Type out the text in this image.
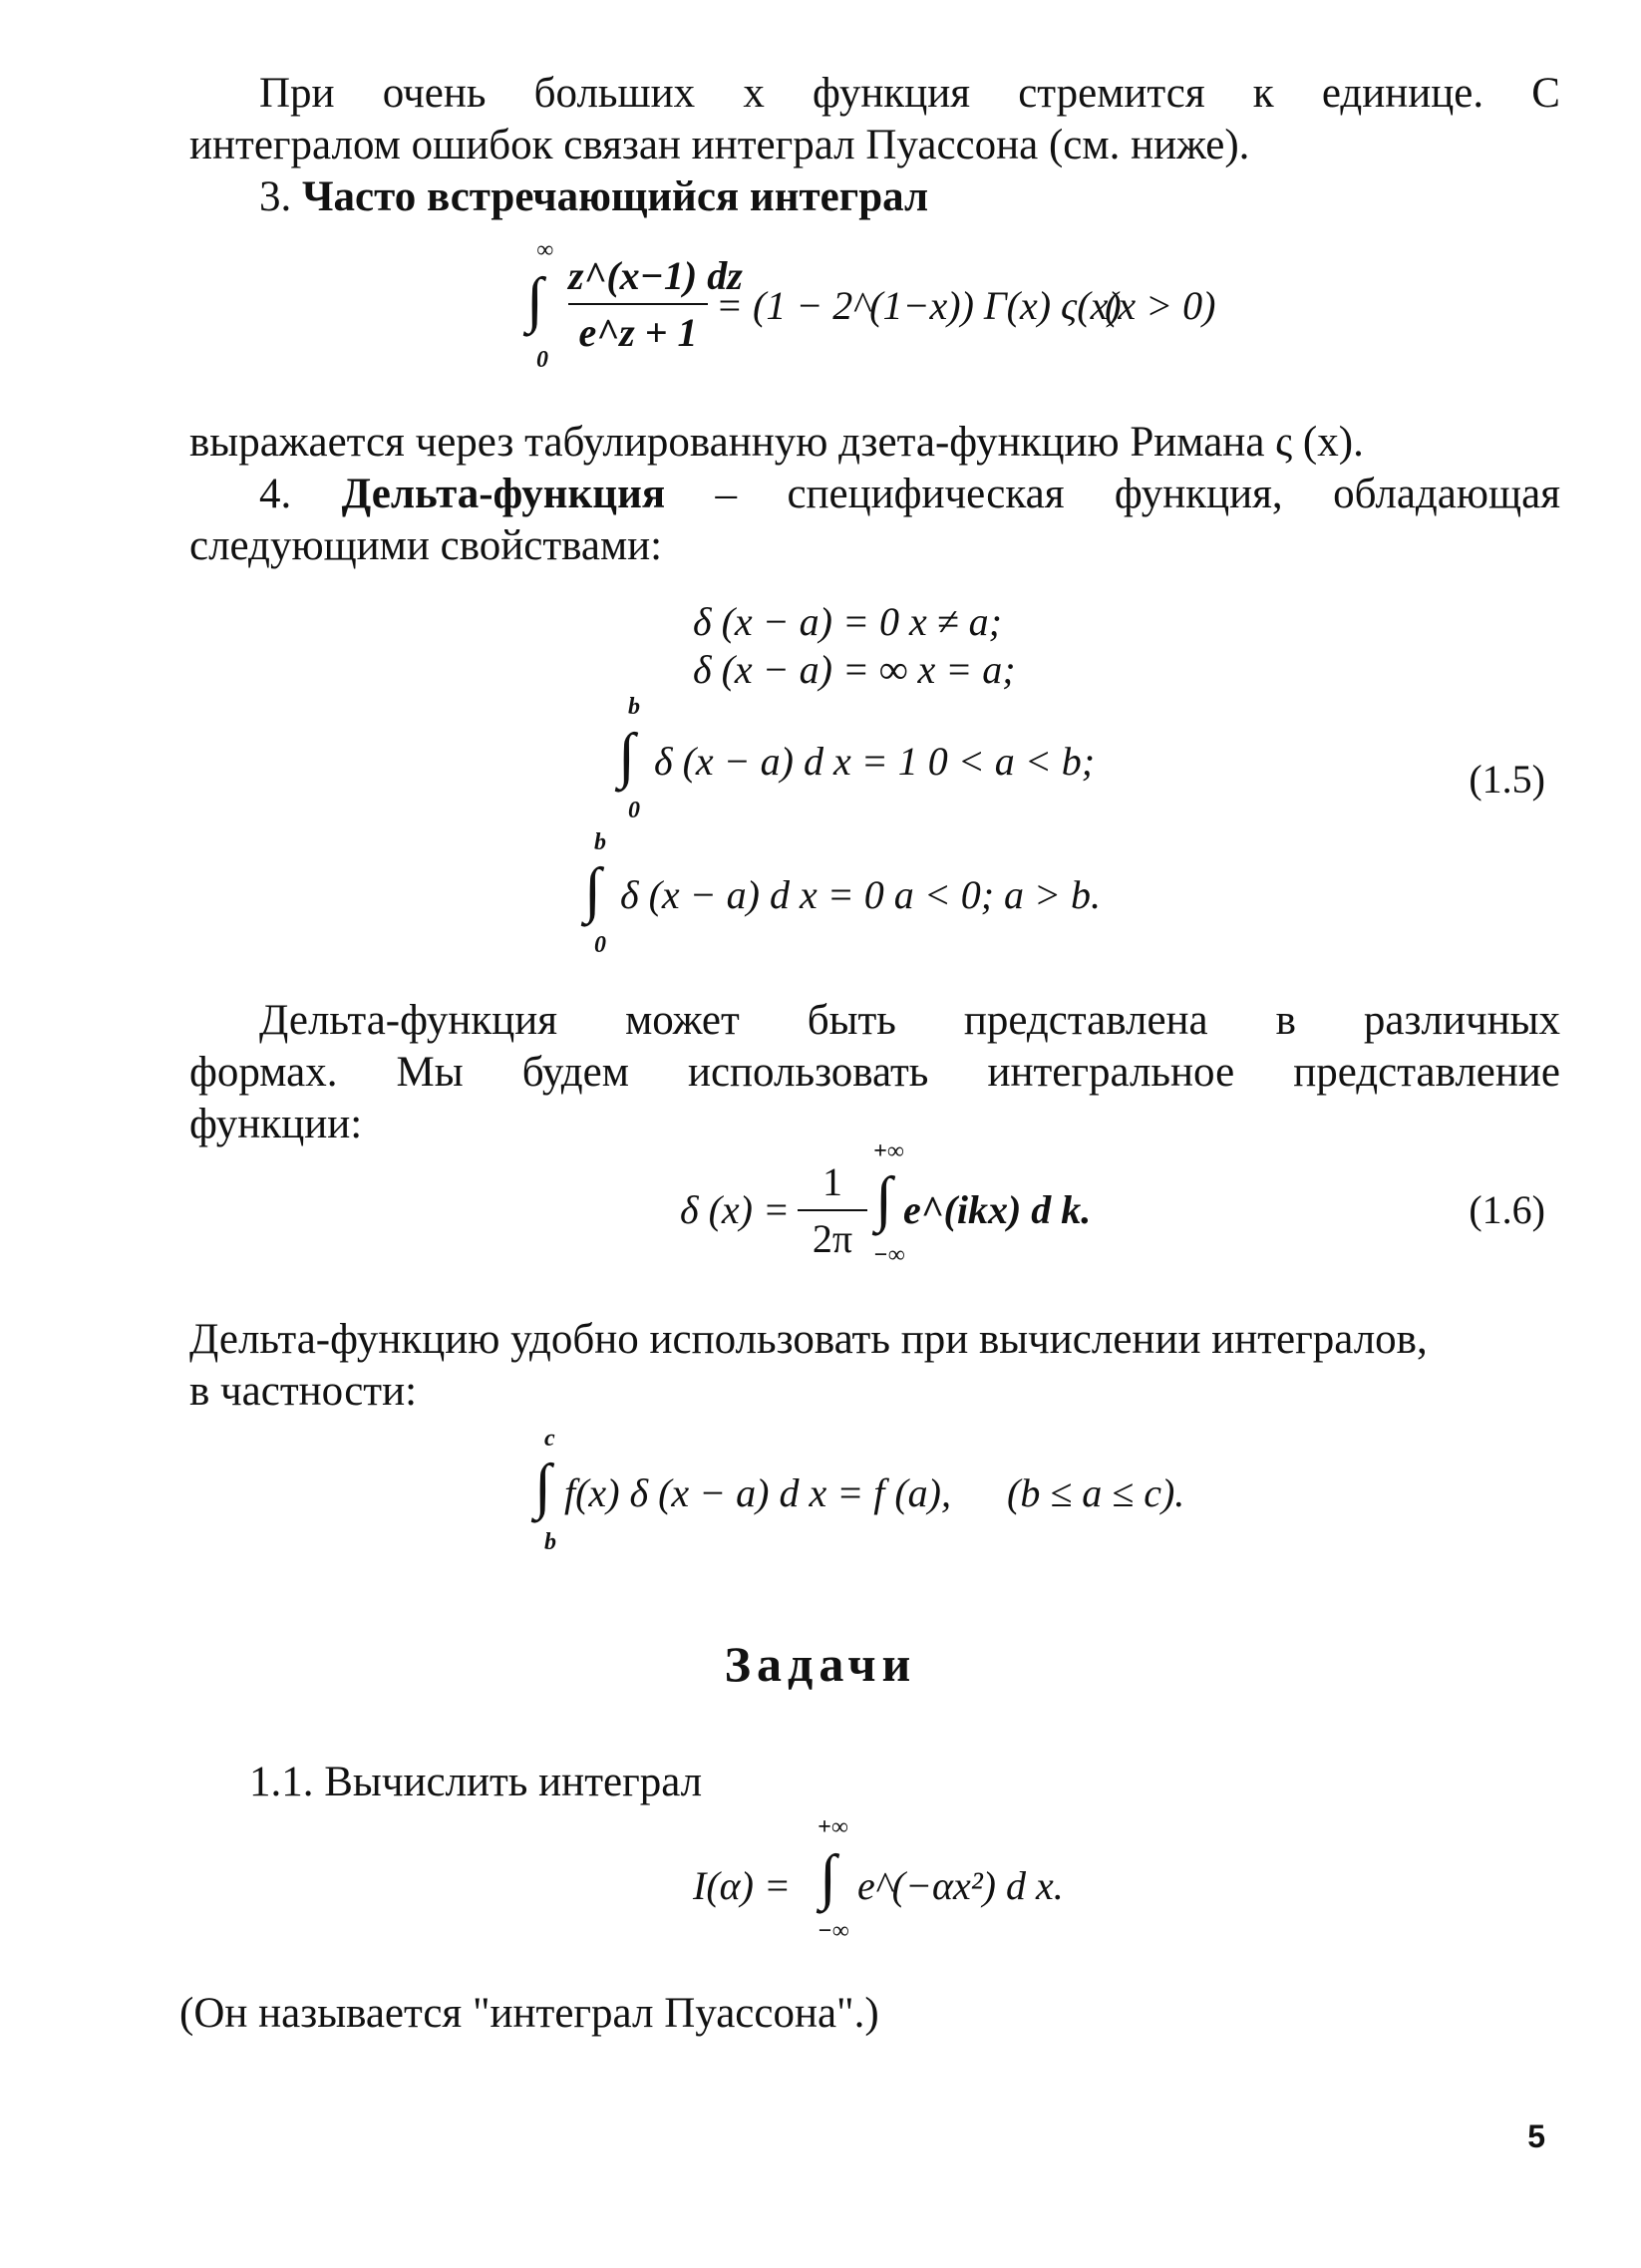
При очень больших x функция стремится к единице. С

интегралом ошибок связан интеграл Пуассона (см. ниже).

3. Часто встречающийся интеграл

∞
∫
0
z^(x−1) dz
e^z + 1
= (1 − 2^(1−x)) Γ(x) ς(x)
(x > 0)

выражается через табулированную дзета-функцию Римана ς (x).

4. Дельта-функция – специфическая функция, обладающая

следующими свойствами:

δ (x − a) = 0 x ≠ a;
δ (x − a) = ∞ x = a;
b
∫
0
δ (x − a) d x = 1 0 < a < b;	(1.5)
b
∫
0
δ (x − a) d x = 0 a < 0; a > b.

Дельта-функция может быть представлена в различных

формах. Мы будем использовать интегральное представление

функции:

δ (x) =
1
2π
+∞
∫
−∞
e^(ikx) d k.	(1.6)

Дельта-функцию удобно использовать при вычислении интегралов,

в частности:

c
∫
b
f(x) δ (x − a) d x = f (a), (b ≤ a ≤ c).
Задачи

1.1. Вычислить интеграл

I(α) =
+∞
∫
−∞
e^(−αx²) d x.

(Он называется "интеграл Пуассона".)

5
